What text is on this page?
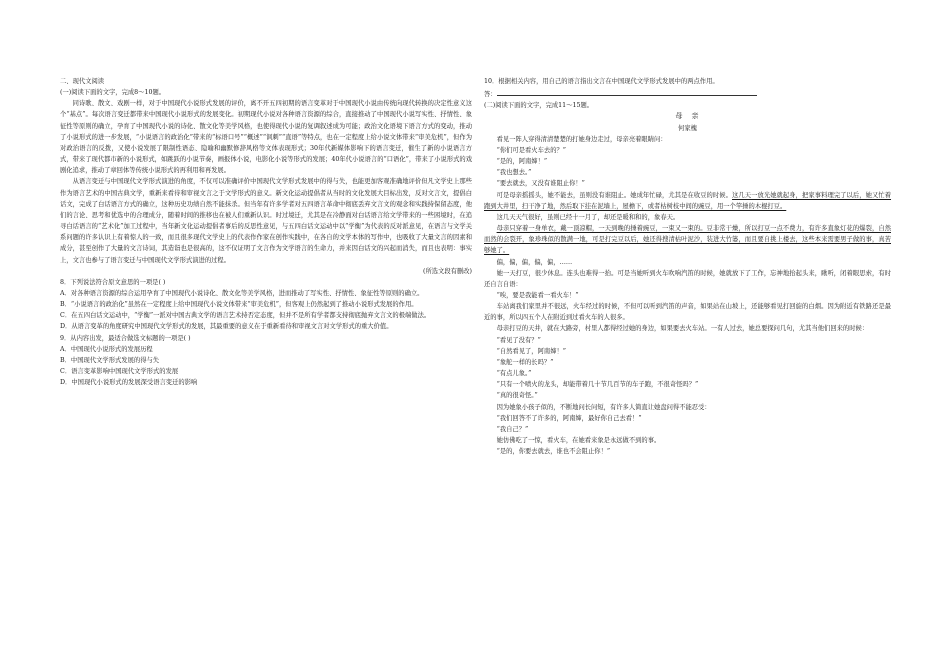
二、现代文阅读

(一)阅读下面的文字，完成8～10题。

同诗歌、散文、戏剧一样，对于中国现代小说形式发展的评价，离不开五四初期的语言变革对于中国现代小说由传统向现代转换的决定性意义这个“基点”。每次语言变迁都带来中国现代小说形式的发展变化。初期现代小说对各种语言资源的综合，直接推动了中国现代小说写实性、抒情性、象征性等原则的确立，孕育了中国现代小说的诗化、散文化等美学风格，也使得现代小说的复调叙述成为可能；政治文化语境下语言方式的变动，推动了小说形式的进一步发展，“小说语言的政治化”带来的“标语口号”“概述”“讽刺”“直语”等特点，也在一定程度上给小说文体带来“审美危机”，但作为对政治语言的反拨，又使小说发展了限制性语态、隐喻和幽默修辞风格等文体表现形式；30年代新媒体影响下的语言变迁，催生了新的小说语言方式，带来了现代都市新的小说形式，如跳跃的小说节奏，画报体小说，电影化小说等形式的发展；40年代小说语言的“口语化”，带来了小说形式的戏剧化追求，推动了章回体等传统小说形式的再利用和再发展。

从语言变迁与中国现代文学形式演进的角度，不仅可以准确评价中国现代文学形式发展中的得与失，也能更加客观准确地评价但凡文学史上那些作为语言艺术的中国古典文学，重新来看待和审视文言之于文学形式的意义。新文化运动提倡者从当时的文化发展大目标出发，反对文言文，提倡白话文，完成了白话语言方式的确立，这种历史功绩自然不能抹杀。但当年有许多学者对五四语言革命中彻底丢弃文言文的观念和实践持保留态度，他们的言论、思考和优选中的合理成分，随着时间的推移也在被人们重新认识。时过境迁，尤其是在冷静面对白话语言给文学带来的一些困境时，在追寻白话语言的“艺术化”加工过程中，当年新文化运动提倡者事后的反思性意见，与五四白话文运动中以“学衡”为代表的反对派意见，在语言与文学关系问题的许多认识上有着惊人的一致，而且很多现代文学史上的代表作作家在创作实践中，在各自的文学本体的写作中，也吸收了大量文言的因素和成分，甚至创作了大量的文言诗词，其造诣也是很高的，这不仅证明了文言作为文学语言的生命力，并来因白话文的兴起而消失，而且也表明：事实上，文言也参与了语言变迁与中国现代文学形式演进的过程。

(所选文段有删改)

8．下列说法符合原文意思的一项是( )

A．对各种语言资源的综合运用孕育了中国现代小说诗化、散文化等美学风格，进而推动了写实性、抒情性、象征性等原则的确立。

B．“小说语言的政治化”虽然在一定程度上给中国现代小说文体带来“审美危机”，但客观上仍然起到了推动小说形式发展的作用。

C．在五四白话文运动中，“学衡”一派对中国古典文学的语言艺术持否定态度，但并不是所有学者都支持彻底抛弃文言文的极端做法。

D．从语言变革的角度研究中国现代文学形式的发展，其最重要的意义在于重新看待和审视文言对文学形式的重大价值。

9．从内容出发，最适合做选文标题的一项是( )

A．中国现代小说形式的发展历程

B．中国现代文学形式发展的得与失

C．语言变革影响中国现代文学形式的发展

D．中国现代小说形式的发展深受语言变迁的影响

10．根据相关内容，用自己的语言指出文言在中国现代文学形式发展中的两点作用。

答：

(二)阅读下面的文字，完成11～15题。

母　亲

何家槐

看见一阵人穿得清清楚楚的打她身边走过，母亲亮着眼睛问：

“你们可是看火车去的？”

“是的，阿南婶！”

“我也想去。”

“要去就去，又没有谁阻止你！”

可是母亲摇摇头，她不能去，虽则没有谁阻止。她成年忙碌，尤其是在收豆的时候。这几天一放光她就起身，把家事料理完了以后，她又忙着跑到大井里，扫干净了地，然后取下挂在泥墙上，屋檐下，或者枯树枝中间的豌豆，用一个竿捶的木棍打豆。

这几天天气很好，虽则已经十一月了，却还是暖和和的，象春天。

母亲只穿着一身单衣，戴一顶凉帽，一天到晚的捶着豌豆，一束又一束的。豆非常干燥，所以打豆一点不费力，有许多直象灯花的爆裂，自然而然的会裂开，象珍珠似的散满一地，可是打完豆以后，她还得搜清枯叶泥沙，装进大竹篓，而且要自挑上楼去，这些本来需要男子做的事，真苦够她了。

偏，偏，偏，偏，偏，……

她一天打豆，很少休息。连头也难得一抬。可是当她听到火车吹响汽笛的时候，她就放下了工作，忘神地抬起头来，瞅听，闭着眼思索，有时还自言自语：

“唉，要是我能看一看火车！”

车站离我们家里并不很远，火车经过的时候，不但可以听到汽笛的声音，如果站在山坡上，还能够看见打回旋的白烟。因为附近有铁路还是最近的事，所以四五个人在附近到过看火车的人很多。

母亲打豆的天井，就在大路旁，村里人都得经过她的身边，如果要去火车站。一有人过去，她总要探问几句，尤其当他们回来的时候：

“看见了没有？”

“自然看见了，阿南婶！”

“象舵一样的长吗？”

“有点儿象。”

“只有一个喷火的龙头，却能带着几十节几百节的车子跑，不很奇怪吗？”

“真的很奇怪。”

因为她象小孩子似的，不断地问长问短，有许多人简直让她盘问得不能忍受：

“我们回答不了许多的，阿南婶，最好你自己去看！”

“我自己？”

她仿佛吃了一惊，看火车，在她看来象是永远做不到的事。

“是的，你要去就去，谁也不会阻止你！”
